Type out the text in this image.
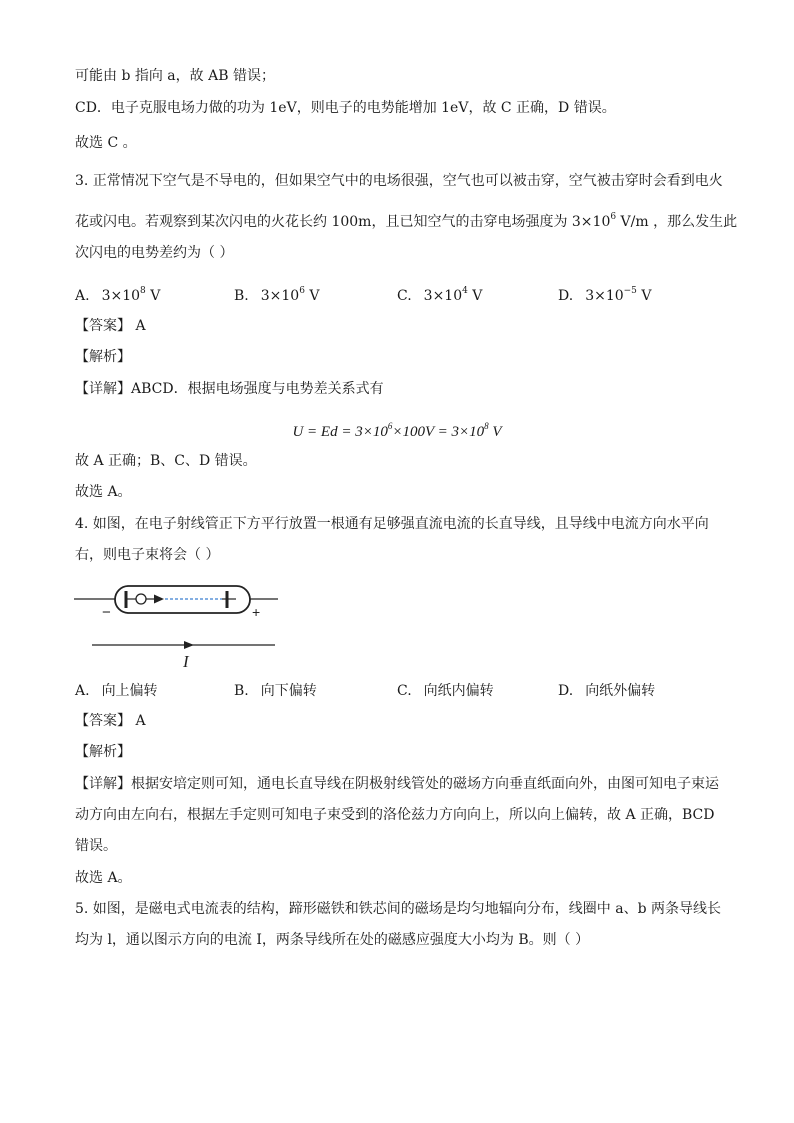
可能由 b 指向 a，故 AB 错误；
CD．电子克服电场力做的功为 1eV，则电子的电势能增加 1eV，故 C 正确，D 错误。
故选 C 。
3. 正常情况下空气是不导电的，但如果空气中的电场很强，空气也可以被击穿，空气被击穿时会看到电火
花或闪电。若观察到某次闪电的火花长约 100m，且已知空气的击穿电场强度为 $3\times 10^6$ V/m ，那么发生此
次闪电的电势差约为（ ）
A. $3\times 10^8$ V	B. $3\times 10^6$ V	C. $3\times 10^4$ V	D. $3\times 10^{-5}$ V
【答案】 A
【解析】
【详解】ABCD．根据电场强度与电势差关系式有
$U = Ed = 3\times 10^6\times 100V = 3\times 10^8$ V
故 A 正确；B、C、D 错误。
故选 A。
4. 如图，在电子射线管正下方平行放置一根通有足够强直流电流的长直导线，且导线中电流方向水平向
右，则电子束将会（ ）
−	+
I
A. 向上偏转	B. 向下偏转	C. 向纸内偏转	D. 向纸外偏转
【答案】 A
【解析】
【详解】根据安培定则可知，通电长直导线在阴极射线管处的磁场方向垂直纸面向外，由图可知电子束运
动方向由左向右，根据左手定则可知电子束受到的洛伦兹力方向向上，所以向上偏转，故 A 正确，BCD
错误。
故选 A。
5. 如图，是磁电式电流表的结构，蹄形磁铁和铁芯间的磁场是均匀地辐向分布，线圈中 a、b 两条导线长
均为 l，通以图示方向的电流 I，两条导线所在处的磁感应强度大小均为 B。则（ ）
